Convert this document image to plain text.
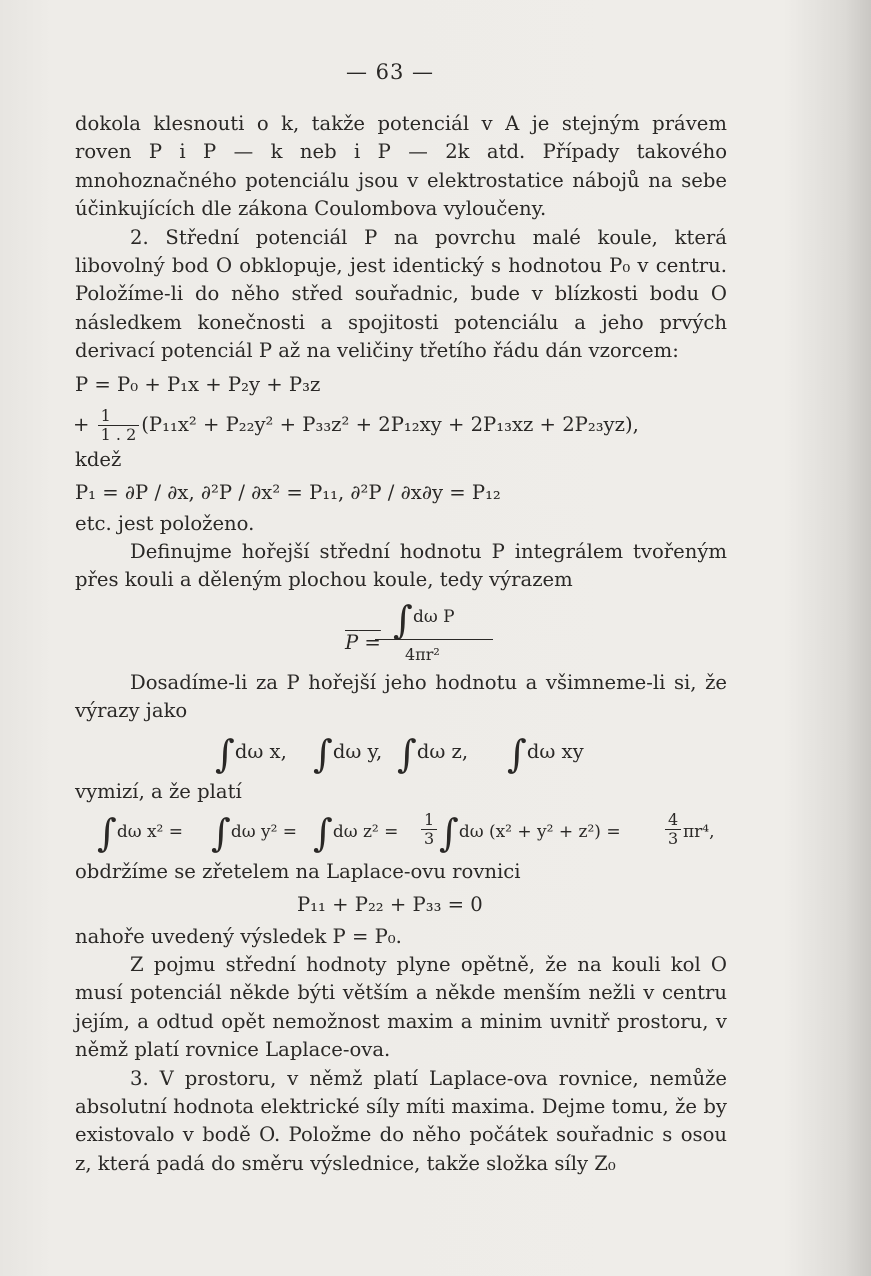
— 63 —

dokola klesnouti o k, takže potenciál v A je stejným právem roven P i P — k neb i P — 2k atd. Případy takového mnohoznačného potenciálu jsou v elektrostatice nábojů na sebe účinkujících dle zákona Coulombova vyloučeny.

2. Střední potenciál P na povrchu malé koule, která libovolný bod O obklopuje, jest identický s hodnotou P₀ v centru. Položíme-li do něho střed souřadnic, bude v blízkosti bodu O následkem konečnosti a spojitosti potenciálu a jeho prvých derivací potenciál P až na veličiny třetího řádu dán vzorcem:

P = P₀ + P₁x + P₂y + P₃z

+ $\frac{1}{1 . 2} (P_{11}x^2 + P_{22}y^2 + P_{33}z^2 + 2P_{12}xy + 2P_{13}xz + 2P_{23}yz)$,

kdež

P₁ = ∂P / ∂x, ∂²P / ∂x² = P₁₁, ∂²P / ∂x∂y = P₁₂

etc. jest položeno.

Definujme hořejší střední hodnotu P integrálem tvořeným přes kouli a děleným plochou koule, tedy výrazem

P =
∫ dω P
4πr²

Dosadíme-li za P hořejší jeho hodnotu a všimneme-li si, že výrazy jako

∫dω x, ∫dω y, ∫dω z, ∫dω xy

vymizí, a že platí

∫dω x² = ∫dω y² = ∫dω $z^2 = \frac{1}{3} \int d\omega$ (x² + y² + z²) =	$\frac{4}{3} \pi r^4$,

obdržíme se zřetelem na Laplace-ovu rovnici

P₁₁ + P₂₂ + P₃₃ = 0

nahoře uvedený výsledek P = P₀.

Z pojmu střední hodnoty plyne opětně, že na kouli kol O musí potenciál někde býti větším a někde menším nežli v centru jejím, a odtud opět nemožnost maxim a minim uvnitř prostoru, v němž platí rovnice Laplace-ova.

3. V prostoru, v němž platí Laplace-ova rovnice, nemůže absolutní hodnota elektrické síly míti maxima. Dejme tomu, že by existovalo v bodě O. Položme do něho počátek souřadnic s osou z, která padá do směru výslednice, takže složka síly Z₀
